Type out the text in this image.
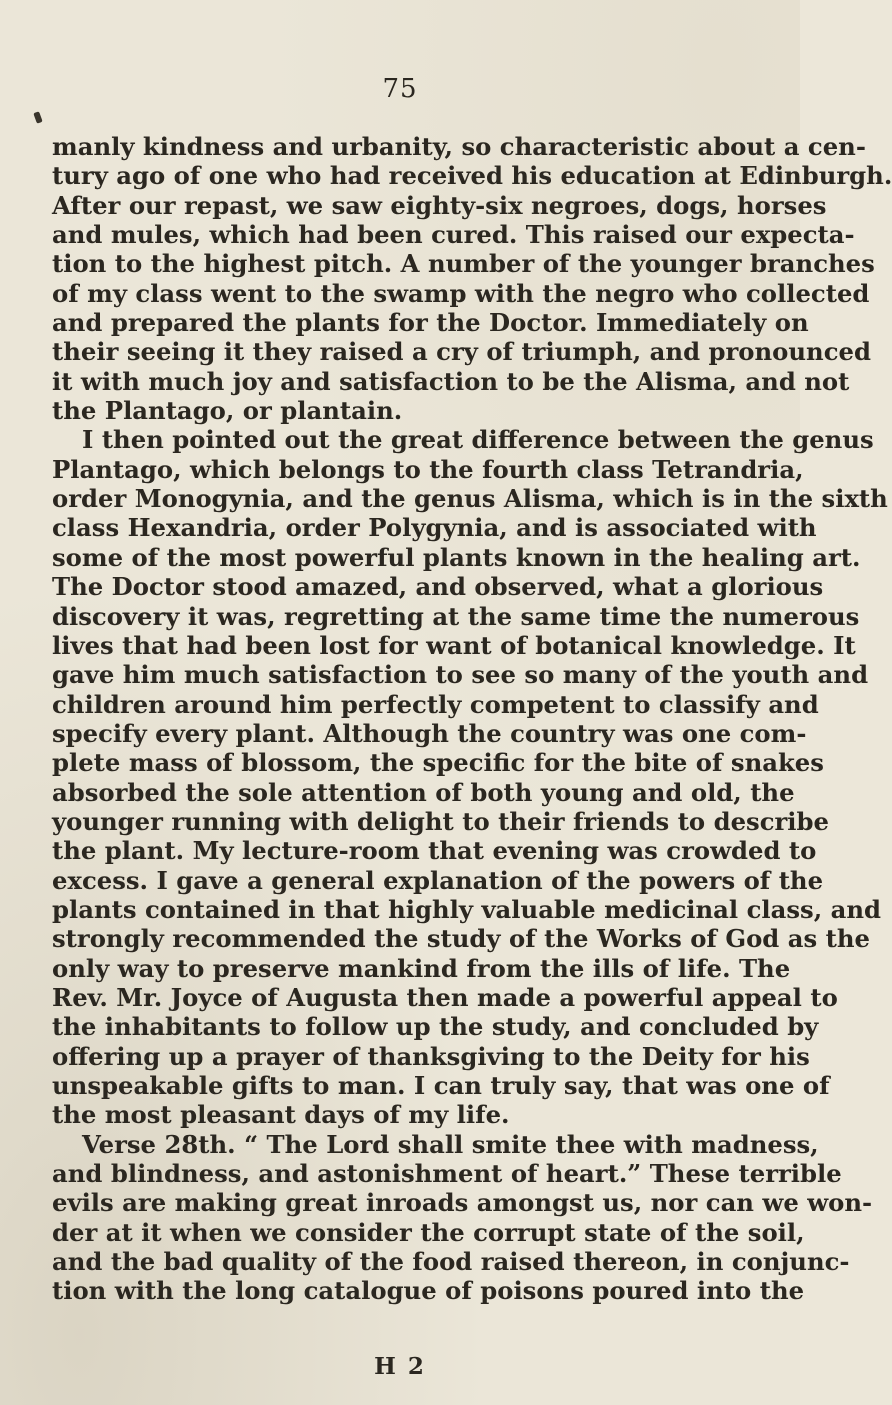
75
manly kindness and urbanity, so characteristic about a cen-
tury ago of one who had received his education at Edinburgh.
After our repast, we saw eighty-six negroes, dogs, horses
and mules, which had been cured. This raised our expecta-
tion to the highest pitch. A number of the younger branches
of my class went to the swamp with the negro who collected
and prepared the plants for the Doctor. Immediately on
their seeing it they raised a cry of triumph, and pronounced
it with much joy and satisfaction to be the Alisma, and not
the Plantago, or plantain.
I then pointed out the great difference between the genus
Plantago, which belongs to the fourth class Tetrandria,
order Monogynia, and the genus Alisma, which is in the sixth
class Hexandria, order Polygynia, and is associated with
some of the most powerful plants known in the healing art.
The Doctor stood amazed, and observed, what a glorious
discovery it was, regretting at the same time the numerous
lives that had been lost for want of botanical knowledge. It
gave him much satisfaction to see so many of the youth and
children around him perfectly competent to classify and
specify every plant. Although the country was one com-
plete mass of blossom, the specific for the bite of snakes
absorbed the sole attention of both young and old, the
younger running with delight to their friends to describe
the plant. My lecture-room that evening was crowded to
excess. I gave a general explanation of the powers of the
plants contained in that highly valuable medicinal class, and
strongly recommended the study of the Works of God as the
only way to preserve mankind from the ills of life. The
Rev. Mr. Joyce of Augusta then made a powerful appeal to
the inhabitants to follow up the study, and concluded by
offering up a prayer of thanksgiving to the Deity for his
unspeakable gifts to man. I can truly say, that was one of
the most pleasant days of my life.
Verse 28th. “ The Lord shall smite thee with madness,
and blindness, and astonishment of heart.” These terrible
evils are making great inroads amongst us, nor can we won-
der at it when we consider the corrupt state of the soil,
and the bad quality of the food raised thereon, in conjunc-
tion with the long catalogue of poisons poured into the
H 2
